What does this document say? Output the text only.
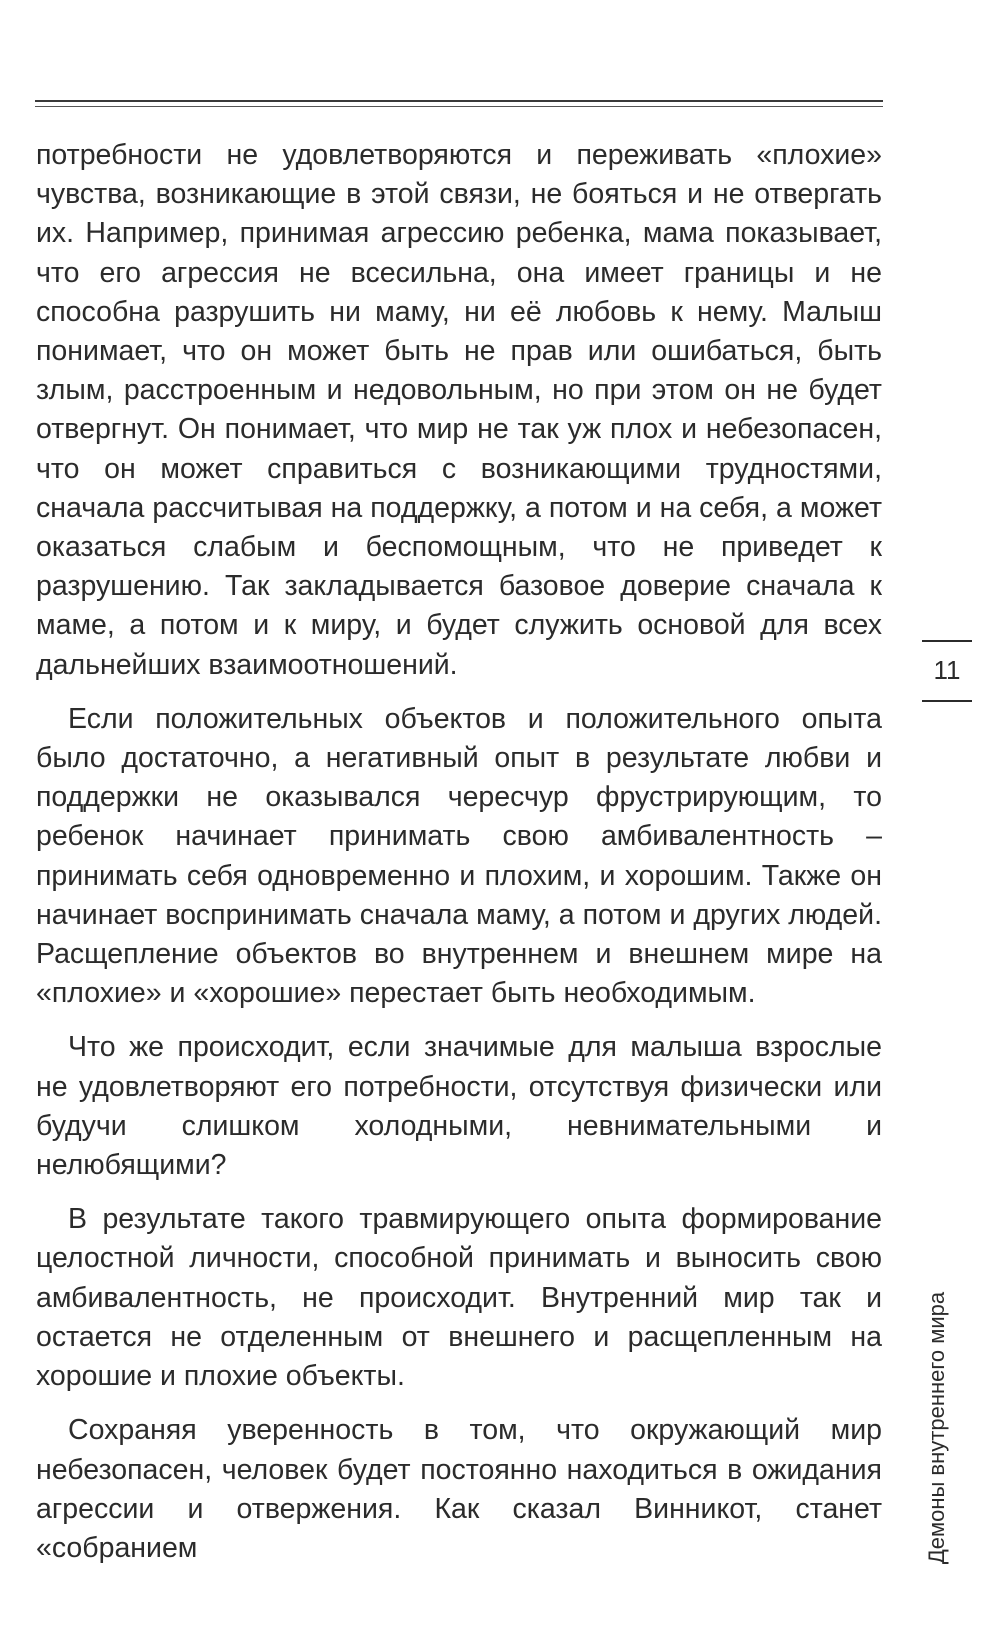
потребности не удовлетворяются и переживать «плохие» чувства, возникающие в этой связи, не бояться и не отвергать их. Например, принимая агрессию ребенка, мама показывает, что его агрессия не всесильна, она имеет границы и не способна разрушить ни маму, ни её любовь к нему. Малыш понимает, что он может быть не прав или ошибаться, быть злым, расстроенным и недовольным, но при этом он не будет отвергнут. Он понимает, что мир не так уж плох и небезопасен, что он может справиться с возникающими трудностями, сначала рассчитывая на поддержку, а потом и на себя, а может оказаться слабым и беспомощным, что не приведет к разрушению. Так закладывается базовое доверие сначала к маме, а потом и к миру, и будет служить основой для всех дальнейших взаимоотношений.

Если положительных объектов и положительного опыта было достаточно, а негативный опыт в результате любви и поддержки не оказывался чересчур фрустрирующим, то ребенок начинает принимать свою амбивалентность – принимать себя одновременно и плохим, и хорошим. Также он начинает воспринимать сначала маму, а потом и других людей. Расщепление объектов во внутреннем и внешнем мире на «плохие» и «хорошие» перестает быть необходимым.

Что же происходит, если значимые для малыша взрослые не удовлетворяют его потребности, отсутствуя физически или будучи слишком холодными, невнимательными и нелюбящими?

В результате такого травмирующего опыта формирование целостной личности, способной принимать и выносить свою амбивалентность, не происходит. Внутренний мир так и остается не отделенным от внешнего и расщепленным на хорошие и плохие объекты.

Сохраняя уверенность в том, что окружающий мир небезопасен, человек будет постоянно находиться в ожидания агрессии и отвержения. Как сказал Винникот, станет «собранием

11
Демоны внутреннего мира
